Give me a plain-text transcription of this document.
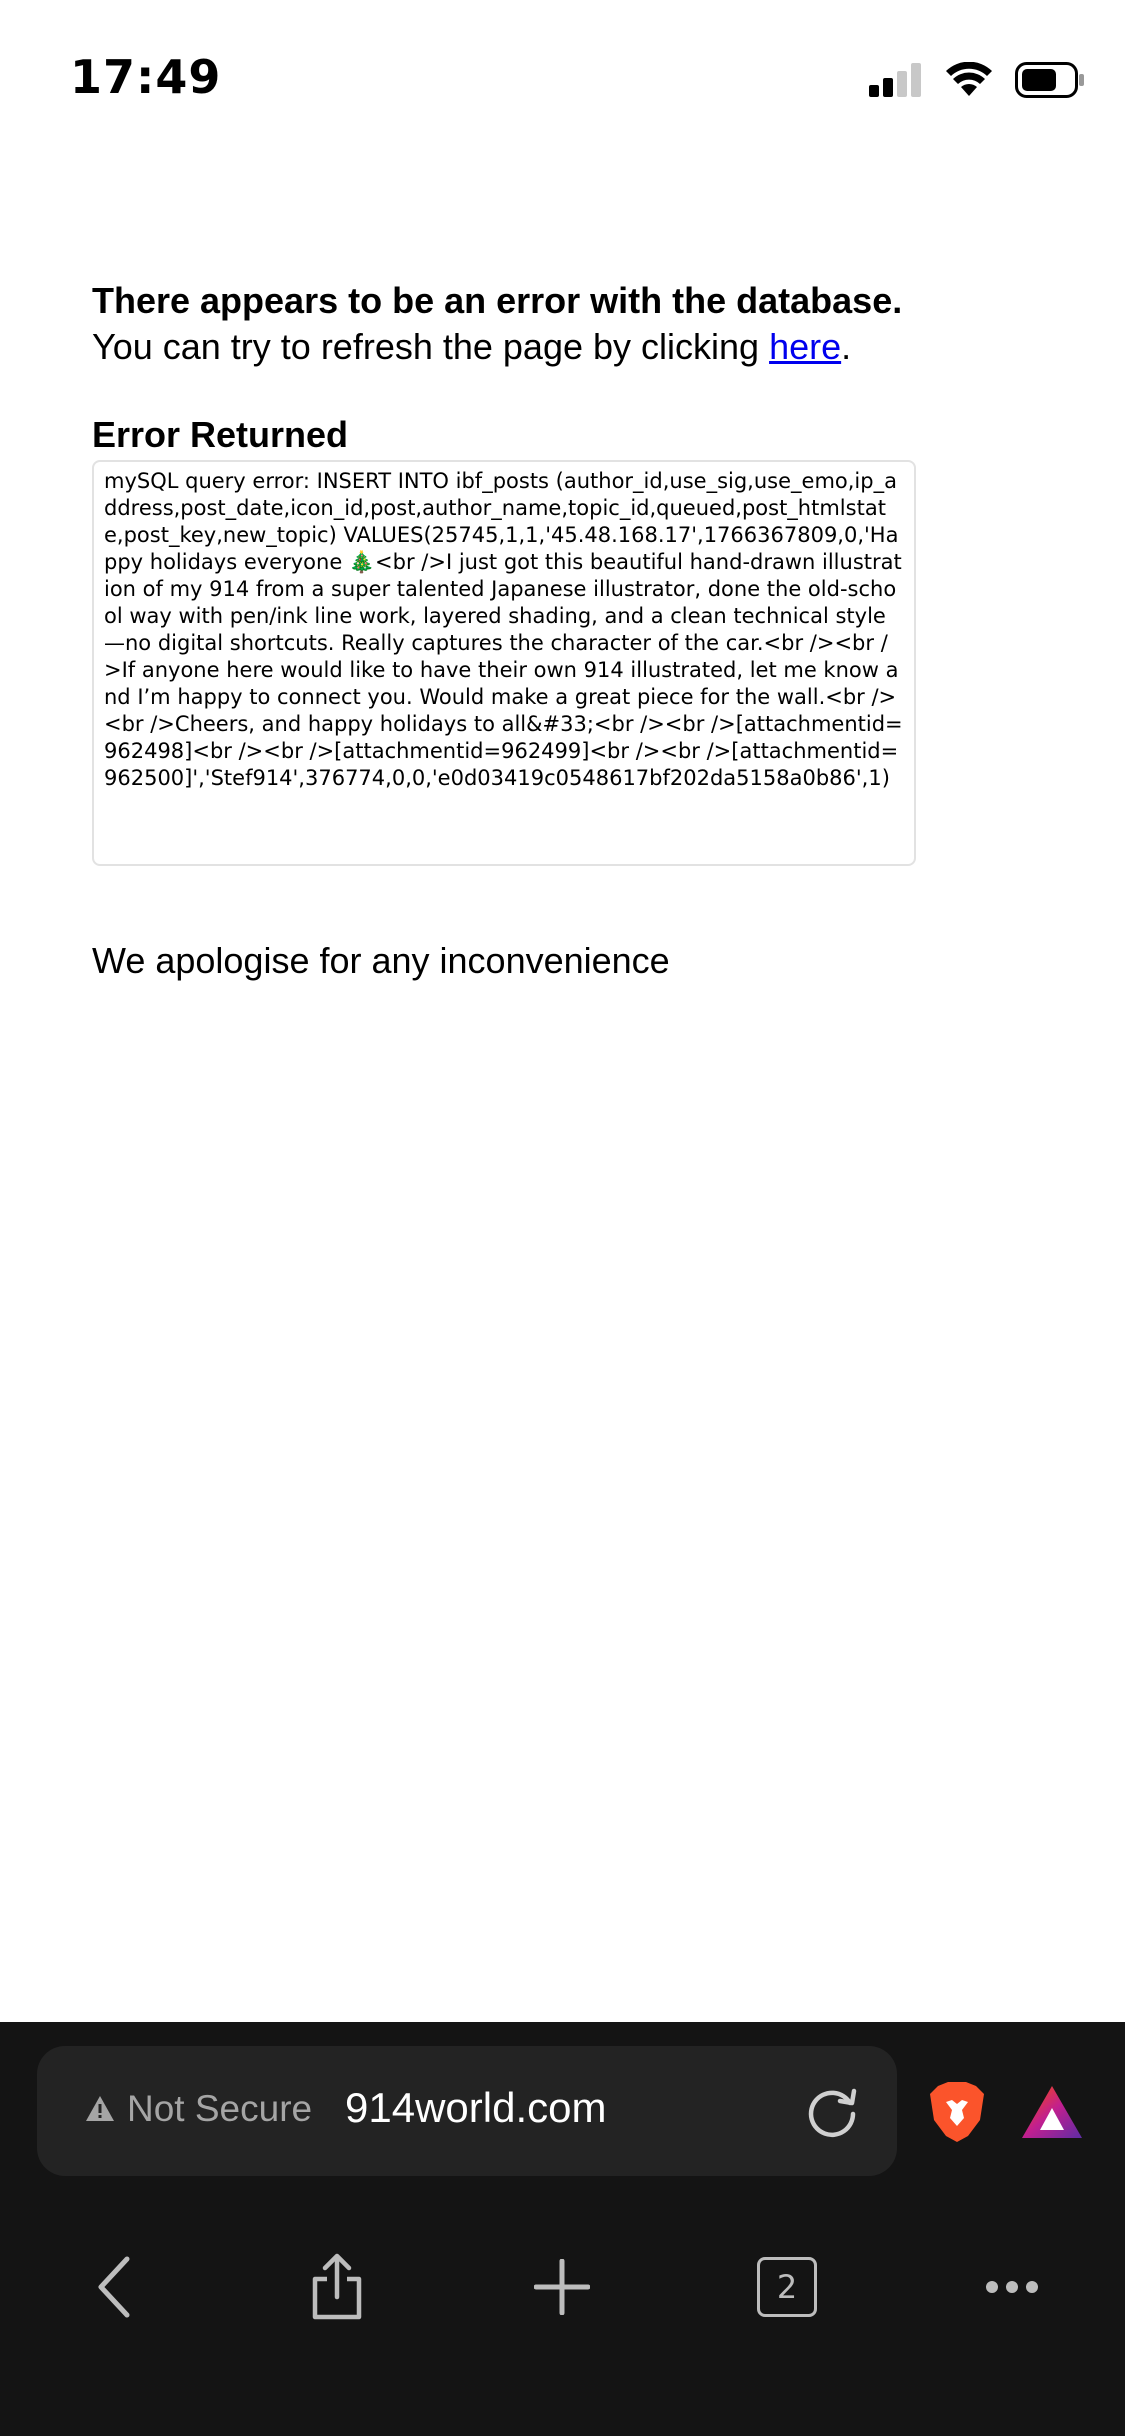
17:49

There appears to be an error with the database.

You can try to refresh the page by clicking here.

Error Returned

mySQL query error: INSERT INTO ibf_posts (author_id,use_sig,use_emo,ip_address,post_date,icon_id,post,author_name,topic_id,queued,post_htmlstate,post_key,new_topic) VALUES(25745,1,1,'45.48.168.17',1766367809,0,'Happy holidays everyone 🎄<br />I just got this beautiful hand-drawn illustration of my 914 from a super talented Japanese illustrator, done the old-school way with pen/ink line work, layered shading, and a clean technical style—no digital shortcuts. Really captures the character of the car.<br /><br />If anyone here would like to have their own 914 illustrated, let me know and I’m happy to connect you. Would make a great piece for the wall.<br /><br />Cheers, and happy holidays to all&#33;<br /><br />[attachmentid=962498]<br /><br />[attachmentid=962499]<br /><br />[attachmentid=962500]','Stef914',376774,0,0,'e0d03419c0548617bf202da5158a0b86',1)

We apologise for any inconvenience

Not Secure 914world.com
2
